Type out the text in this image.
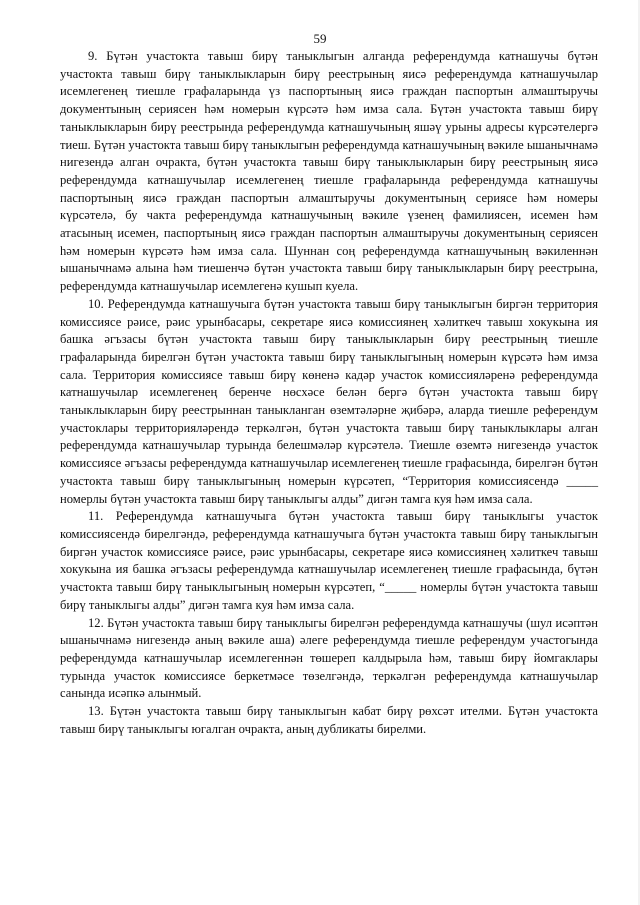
59

9. Бүтән участокта тавыш бирү таныклыгын алганда референдумда катнашучы бүтән участокта тавыш бирү таныклыкларын бирү реестрының яисә референдумда катнашучылар исемлегенең тиешле графаларында үз паспортының яисә граждан паспортын алмаштыручы документының сериясен һәм номерын күрсәтә һәм имза сала. Бүтән участокта тавыш бирү таныклыкларын бирү реестрында референдумда катнашучының яшәү урыны адресы күрсәтелергә тиеш. Бүтән участокта тавыш бирү таныклыгын референдумда катнашучының вәкиле ышанычнамә нигезендә алган очракта, бүтән участокта тавыш бирү таныклыкларын бирү реестрының яисә референдумда катнашучылар исемлегенең тиешле графаларында референдумда катнашучы паспортының яисә граждан паспортын алмаштыручы документының сериясе һәм номеры күрсәтелә, бу чакта референдумда катнашучының вәкиле үзенең фамилиясен, исемен һәм атасының исемен, паспортының яисә граждан паспортын алмаштыручы документының сериясен һәм номерын күрсәтә һәм имза сала. Шуннан соң референдумда катнашучының вәкиленнән ышанычнамә алына һәм тиешенчә бүтән участокта тавыш бирү таныклыкларын бирү реестрына, референдумда катнашучылар исемлегенә кушып куела.

10. Референдумда катнашучыга бүтән участокта тавыш бирү таныклыгын биргән территория комиссиясе рәисе, рәис урынбасары, секретаре яисә комиссиянең хәлиткеч тавыш хокукына ия башка әгъзасы бүтән участокта тавыш бирү таныклыкларын бирү реестрының тиешле графаларында бирелгән бүтән участокта тавыш бирү таныклыгының номерын күрсәтә һәм имза сала. Территория комиссиясе тавыш бирү көненә кадәр участок комиссияләренә референдумда катнашучылар исемлегенең беренче нөсхәсе белән бергә бүтән участокта тавыш бирү таныклыкларын бирү реестрыннан таныкланган өземтәләрне җибәрә, аларда тиешле референдум участоклары территорияләрендә теркәлгән, бүтән участокта тавыш бирү таныклыклары алган референдумда катнашучылар турында белешмәләр күрсәтелә. Тиешле өземтә нигезендә участок комиссиясе әгъзасы референдумда катнашучылар исемлегенең тиешле графасында, бирелгән бүтән участокта тавыш бирү таныклыгының номерын күрсәтеп, “Территория комиссиясендә _____ номерлы бүтән участокта тавыш бирү таныклыгы алды” дигән тамга куя һәм имза сала.

11. Референдумда катнашучыга бүтән участокта тавыш бирү таныклыгы участок комиссиясендә бирелгәндә, референдумда катнашучыга бүтән участокта тавыш бирү таныклыгын биргән участок комиссиясе рәисе, рәис урынбасары, секретаре яисә комиссиянең хәлиткеч тавыш хокукына ия башка әгъзасы референдумда катнашучылар исемлегенең тиешле графасында, бүтән участокта тавыш бирү таныклыгының номерын күрсәтеп, “_____ номерлы бүтән участокта тавыш бирү таныклыгы алды” дигән тамга куя һәм имза сала.

12. Бүтән участокта тавыш бирү таныклыгы бирелгән референдумда катнашучы (шул исәптән ышанычнамә нигезендә аның вәкиле аша) әлеге референдумда тиешле референдум участогында референдумда катнашучылар исемлегеннән төшереп калдырыла һәм, тавыш бирү йомгаклары турында участок комиссиясе беркетмәсе төзелгәндә, теркәлгән референдумда катнашучылар санында исәпкә алынмый.

13. Бүтән участокта тавыш бирү таныклыгын кабат бирү рөхсәт ителми. Бүтән участокта тавыш бирү таныклыгы югалган очракта, аның дубликаты бирелми.
